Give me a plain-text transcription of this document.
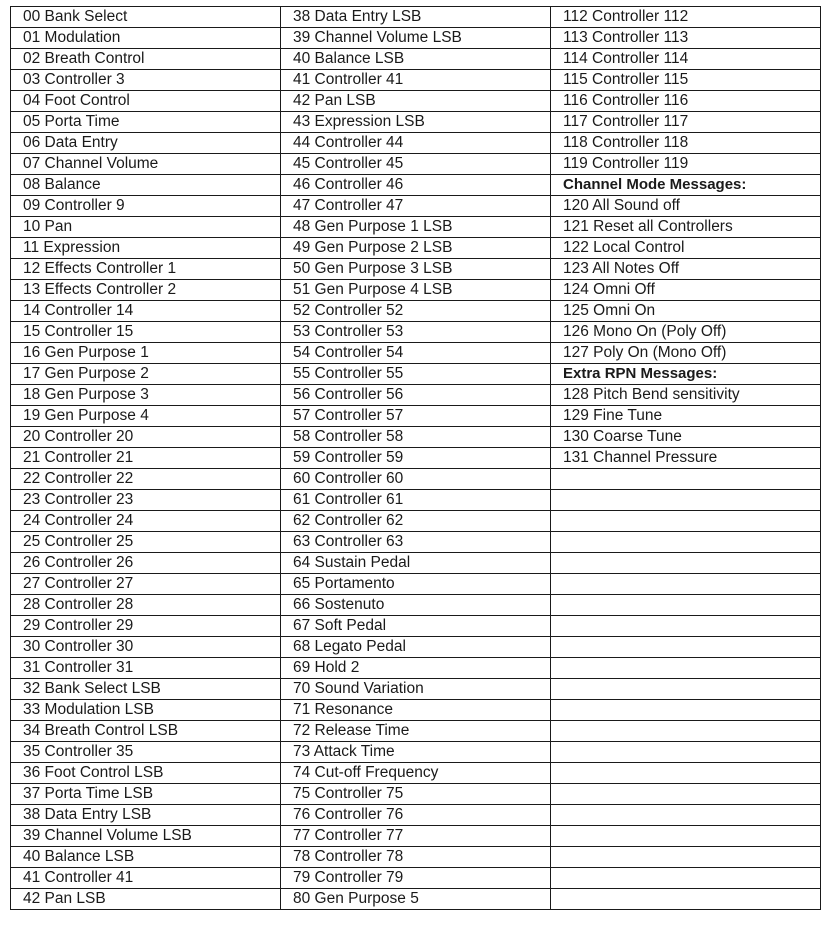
00 Bank Select	38 Data Entry LSB	112 Controller 112
01 Modulation	39 Channel Volume LSB	113 Controller 113
02 Breath Control	40 Balance LSB	114 Controller 114
03 Controller 3	41 Controller 41	115 Controller 115
04 Foot Control	42 Pan LSB	116 Controller 116
05 Porta Time	43 Expression LSB	117 Controller 117
06 Data Entry	44 Controller 44	118 Controller 118
07 Channel Volume	45 Controller 45	119 Controller 119
08 Balance	46 Controller 46	Channel Mode Messages:
09 Controller 9	47 Controller 47	120 All Sound off
10 Pan	48 Gen Purpose 1 LSB	121 Reset all Controllers
11 Expression	49 Gen Purpose 2 LSB	122 Local Control
12 Effects Controller 1	50 Gen Purpose 3 LSB	123 All Notes Off
13 Effects Controller 2	51 Gen Purpose 4 LSB	124 Omni Off
14 Controller 14	52 Controller 52	125 Omni On
15 Controller 15	53 Controller 53	126 Mono On (Poly Off)
16 Gen Purpose 1	54 Controller 54	127 Poly On (Mono Off)
17 Gen Purpose 2	55 Controller 55	Extra RPN Messages:
18 Gen Purpose 3	56 Controller 56	128 Pitch Bend sensitivity
19 Gen Purpose 4	57 Controller 57	129 Fine Tune
20 Controller 20	58 Controller 58	130 Coarse Tune
21 Controller 21	59 Controller 59	131 Channel Pressure
22 Controller 22	60 Controller 60	
23 Controller 23	61 Controller 61	
24 Controller 24	62 Controller 62	
25 Controller 25	63 Controller 63	
26 Controller 26	64 Sustain Pedal	
27 Controller 27	65 Portamento	
28 Controller 28	66 Sostenuto	
29 Controller 29	67 Soft Pedal	
30 Controller 30	68 Legato Pedal	
31 Controller 31	69 Hold 2	
32 Bank Select LSB	70 Sound Variation	
33 Modulation LSB	71 Resonance	
34 Breath Control LSB	72 Release Time	
35 Controller 35	73 Attack Time	
36 Foot Control LSB	74 Cut-off Frequency	
37 Porta Time LSB	75 Controller 75	
38 Data Entry LSB	76 Controller 76	
39 Channel Volume LSB	77 Controller 77	
40 Balance LSB	78 Controller 78	
41 Controller 41	79 Controller 79	
42 Pan LSB	80 Gen Purpose 5	
